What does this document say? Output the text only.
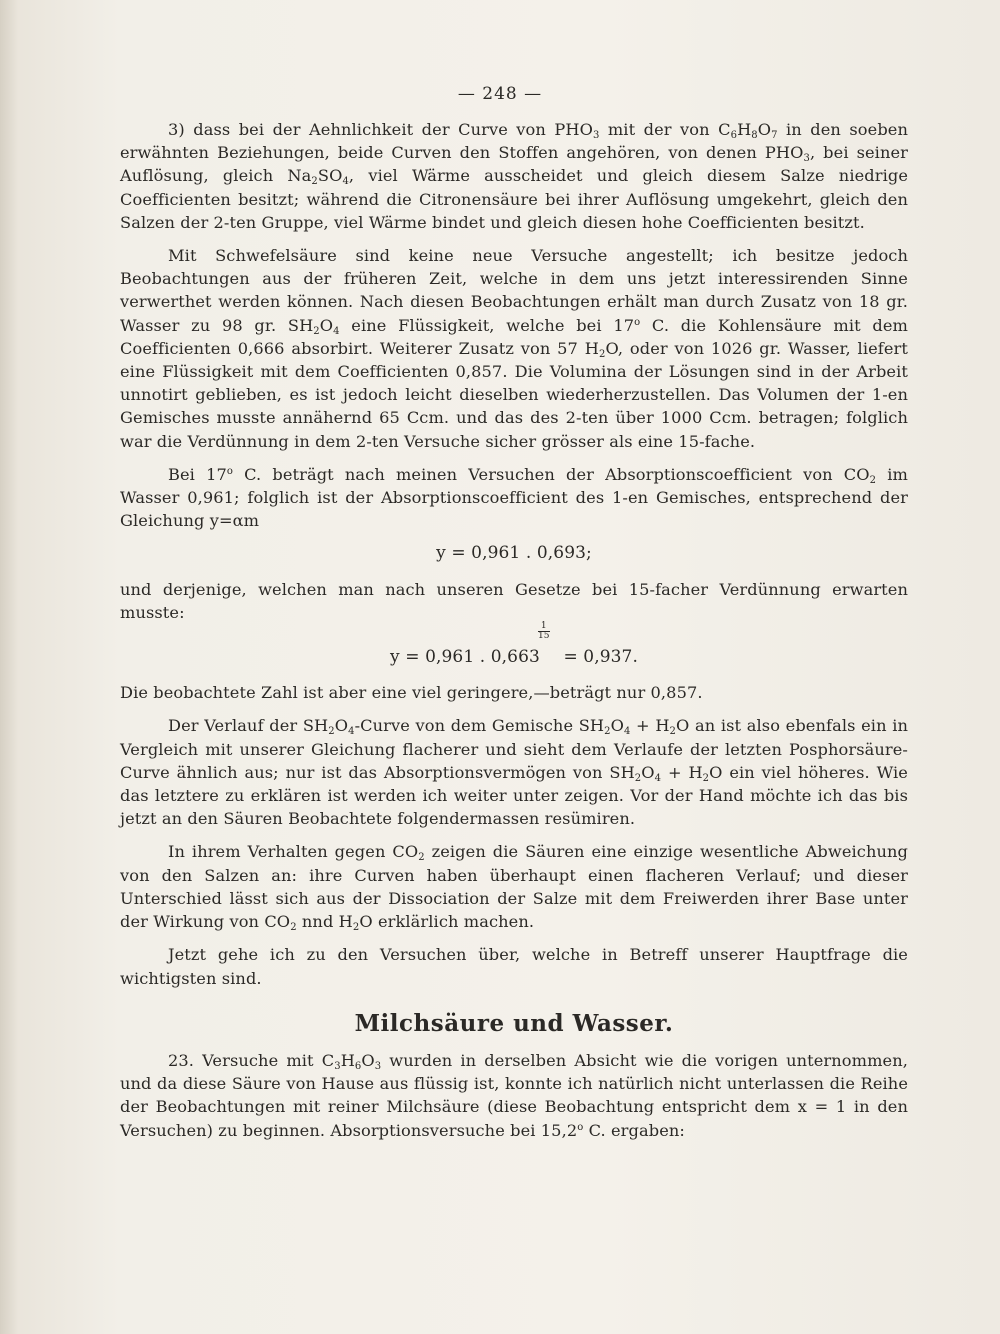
— 248 —

3) dass bei der Aehnlichkeit der Curve von $PHO_3$ mit der von $C_6H_8O_7$ in den soeben erwähnten Beziehungen, beide Curven den Stoffen angehören, von denen $PHO_3$, bei seiner Auflösung, gleich $Na_2SO_4$, viel Wärme ausscheidet und gleich diesem Salze niedrige Coefficienten besitzt; während die Citronensäure bei ihrer Auflösung umgekehrt, gleich den Salzen der 2-ten Gruppe, viel Wärme bindet und gleich diesen hohe Coefficienten besitzt.

Mit Schwefelsäure sind keine neue Versuche angestellt; ich besitze jedoch Beobachtungen aus der früheren Zeit, welche in dem uns jetzt interessirenden Sinne verwerthet werden können. Nach diesen Beobachtungen erhält man durch Zusatz von 18 gr. Wasser zu 98 gr. $SH_2O_4$ eine Flüssigkeit, welche bei 17$^o$ C. die Kohlensäure mit dem Coefficienten 0,666 absorbirt. Weiterer Zusatz von 57 $H_2O$, oder von 1026 gr. Wasser, liefert eine Flüssigkeit mit dem Coefficienten 0,857. Die Volumina der Lösungen sind in der Arbeit unnotirt geblieben, es ist jedoch leicht dieselben wiederherzustellen. Das Volumen der 1-en Gemisches musste annähernd 65 Ccm. und das des 2-ten über 1000 Ccm. betragen; folglich war die Verdünnung in dem 2-ten Versuche sicher grösser als eine 15-fache.

Bei 17$^o$ C. beträgt nach meinen Versuchen der Absorptionscoefficient von $CO_2$ im Wasser 0,961; folglich ist der Absorptionscoefficient des 1-en Gemisches, entsprechend der Gleichung y=αm

y = 0,961 . 0,693;

und derjenige, welchen man nach unseren Gesetze bei 15-facher Verdünnung erwarten musste:

y = 0,961 . 0,663
$\frac{1}{15}$
= 0,937.

Die beobachtete Zahl ist aber eine viel geringere,—beträgt nur 0,857.

Der Verlauf der $SH_2O_4$-Curve von dem Gemische $SH_2O_4 + H_2O$ an ist also ebenfals ein in Vergleich mit unserer Gleichung flacherer und sieht dem Verlaufe der letzten Posphorsäure-Curve ähnlich aus; nur ist das Absorptionsvermögen von $SH_2O_4 + H_2O$ ein viel höheres. Wie das letztere zu erklären ist werden ich weiter unter zeigen. Vor der Hand möchte ich das bis jetzt an den Säuren Beobachtete folgendermassen resümiren.

In ihrem Verhalten gegen $CO_2$ zeigen die Säuren eine einzige wesentliche Abweichung von den Salzen an: ihre Curven haben überhaupt einen flacheren Verlauf; und dieser Unterschied lässt sich aus der Dissociation der Salze mit dem Freiwerden ihrer Base unter der Wirkung von $CO_2$ nnd $H_2O$ erklärlich machen.

Jetzt gehe ich zu den Versuchen über, welche in Betreff unserer Hauptfrage die wichtigsten sind.

Milchsäure und Wasser.

23. Versuche mit $C_3H_6O_3$ wurden in derselben Absicht wie die vorigen unternommen, und da diese Säure von Hause aus flüssig ist, konnte ich natürlich nicht unterlassen die Reihe der Beobachtungen mit reiner Milchsäure (diese Beobachtung entspricht dem x = 1 in den Versuchen) zu beginnen. Absorptionsversuche bei 15,2$^o$ C. ergaben:
